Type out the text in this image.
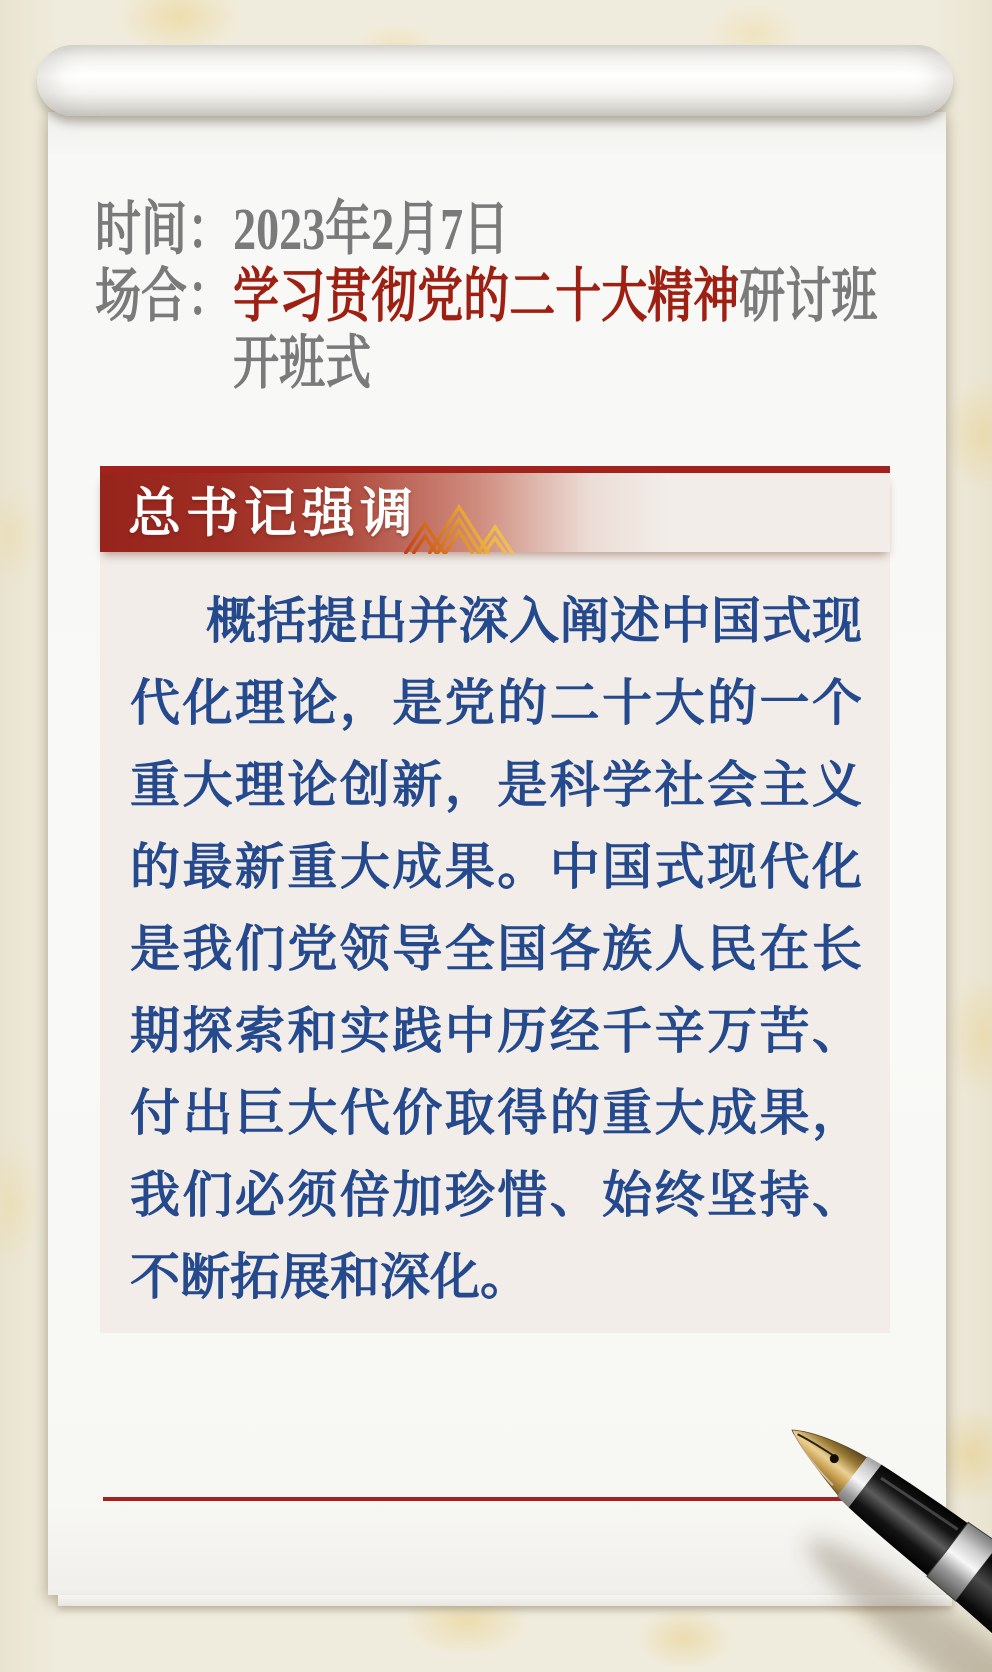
时间： 2023年2月7日
场合： 学习贯彻党的二十大精神研讨班
开班式
总书记强调
概括提出并深入阐述中国式现
代化理论，是党的二十大的一个
重大理论创新，是科学社会主义
的最新重大成果。中国式现代化
是我们党领导全国各族人民在长
期探索和实践中历经千辛万苦、
付出巨大代价取得的重大成果，
我们必须倍加珍惜、始终坚持、
不断拓展和深化。
